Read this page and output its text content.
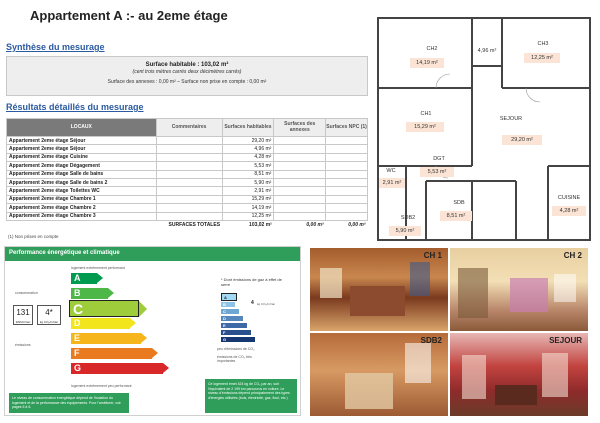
Appartement A :- au 2eme étage
Synthèse du mesurage
Surface habitable : 103,02 m²
(cent trois mètres carrés deux décimètres carrés)
Surface des annexes : 0,00 m² – Surface non prise en compte : 0,00 m²
Résultats détaillés du mesurage
LOCAUX	Commentaires	Surfaces habitables	Surfaces des annexes	Surfaces NPC (1)
Appartement 2eme étage Séjour		29,20 m²		
Appartement 2eme étage Séjour		4,96 m²		
Appartement 2eme étage Cuisine		4,28 m²		
Appartement 2eme étage Dégagement		5,53 m²		
Appartement 2eme étage Salle de bains		8,51 m²		
Appartement 2eme étage Salle de bains 2		5,90 m²		
Appartement 2eme étage Toilettes WC		2,91 m²		
Appartement 2eme étage Chambre 1		15,29 m²		
Appartement 2eme étage Chambre 2		14,19 m²		
Appartement 2eme étage Chambre 3		12,25 m²		
	SURFACES TOTALES	103,02 m²	0,00 m²	0,00 m²
(1) Non prises en compte
CH2
14,19 m²
4,96 m²
CH3
12,25 m²
CH1
15,29 m²
SEJOUR
29,20 m²
DGT
5,53 m²
WC
2,91 m²
SDB
8,51 m²
SDB2
5,90 m²
CUISINE
4,28 m²
Performance énergétique et climatique
logement extrêmement performant
consommation
émissions
131
kWh/m²/an
4*
kg CO₂/m²/an
A
B
C
D
E
F
G
logement extrêmement peu performant
* Dont émissions de gaz à effet de serre
A
B
C
D
E
F
G
4 kg CO₂/m²/an
peu d'émissions de CO₂
émissions de CO₂ très importantes
Le niveau de consommation énergétique dépend de l'isolation du logement et de la performance des équipements. Pour l'améliorer, voir pages 5 à 6.
Ce logement émet 424 kg de CO₂ par an, soit l'équivalent de 2 199 km parcourus en voiture. Le niveau d'émissions dépend principalement des types d'énergies utilisées (bois, électricité, gaz, fioul, etc.)
CH 1	CH 2
SDB2	SEJOUR
